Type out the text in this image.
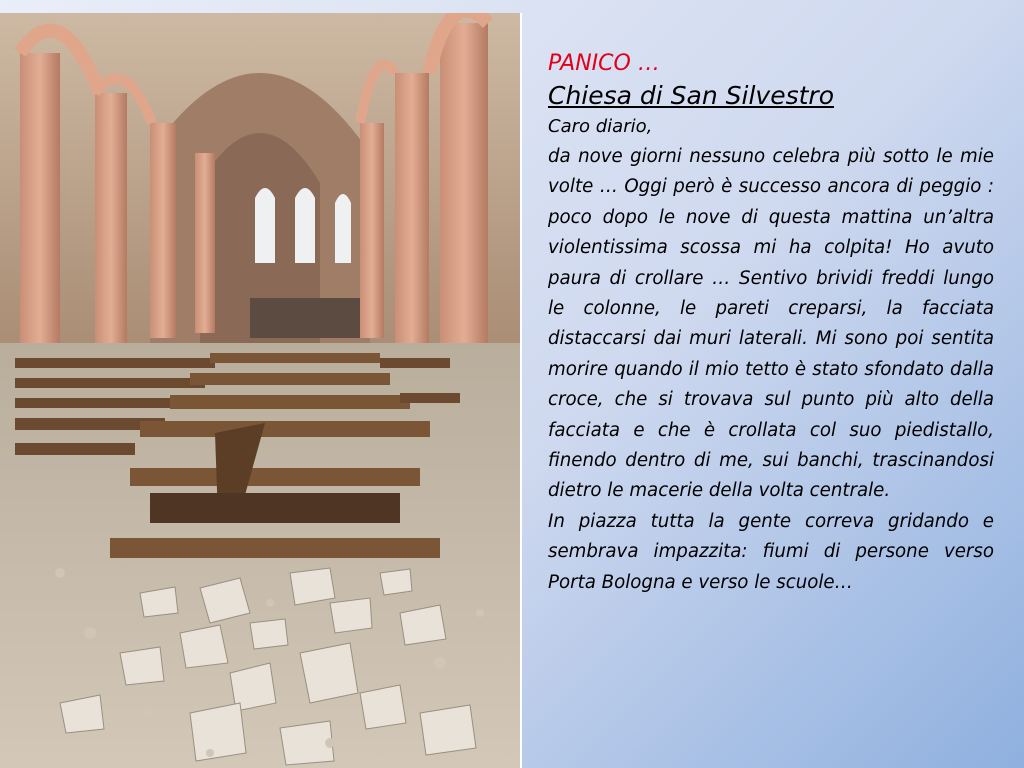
PANICO …
Chiesa di San Silvestro

Caro diario,

da nove giorni nessuno celebra più sotto le mie volte … Oggi però è successo ancora di peggio : poco dopo le nove di questa mattina un’altra violentissima scossa mi ha colpita! Ho avuto paura di crollare … Sentivo brividi freddi lungo le colonne, le pareti creparsi, la facciata distaccarsi dai muri laterali. Mi sono poi sentita morire quando il mio tetto è stato sfondato dalla croce, che si trovava sul punto più alto della facciata e che è crollata col suo piedistallo, finendo dentro di me, sui banchi, trascinandosi dietro le macerie della volta centrale.

In piazza tutta la gente correva gridando e sembrava impazzita: fiumi di persone verso Porta Bologna e verso le scuole…
